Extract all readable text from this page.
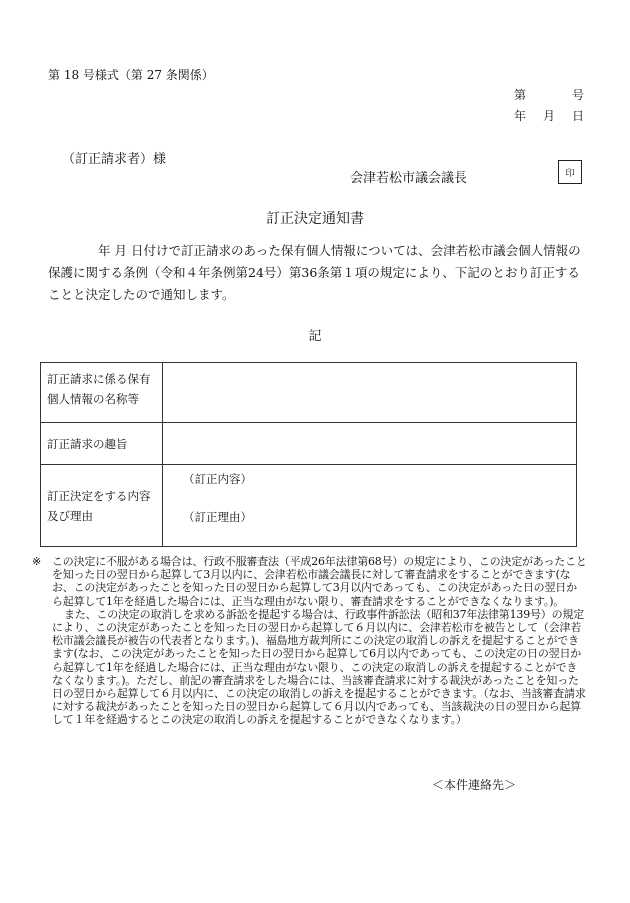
第 18 号様式（第 27 条関係）
第	号
年 月 日
（訂正請求者）様
会津若松市議会議長	印
訂正決定通知書
年 月 日付けで訂正請求のあった保有個人情報については、会津若松市議会個人情報の保護に関する条例（令和４年条例第24号）第36条第１項の規定により、下記のとおり訂正することと決定したので通知します。
記
訂正請求に係る保有個人情報の名称等	
訂正請求の趣旨	
訂正決定をする内容及び理由	（訂正内容）
（訂正理由）
※ この決定に不服がある場合は、行政不服審査法（平成26年法律第68号）の規定により、この決定があったことを知った日の翌日から起算して3月以内に、会津若松市議会議長に対して審査請求をすることができます(なお、この決定があったことを知った日の翌日から起算して3月以内であっても、この決定があった日の翌日から起算して1年を経過した場合には、正当な理由がない限り、審査請求をすることができなくなります。)。

また、この決定の取消しを求める訴訟を提起する場合は、行政事件訴訟法（昭和37年法律第139号）の規定により、この決定があったことを知った日の翌日から起算して６月以内に、会津若松市を被告として（会津若松市議会議長が被告の代表者となります。)、福島地方裁判所にこの決定の取消しの訴えを提起することができます(なお、この決定があったことを知った日の翌日から起算して6月以内であっても、この決定の日の翌日から起算して1年を経過した場合には、正当な理由がない限り、この決定の取消しの訴えを提起することができなくなります。)。ただし、前記の審査請求をした場合には、当該審査請求に対する裁決があったことを知った日の翌日から起算して６月以内に、この決定の取消しの訴えを提起することができます。（なお、当該審査請求に対する裁決があったことを知った日の翌日から起算して６月以内であっても、当該裁決の日の翌日から起算して１年を経過するとこの決定の取消しの訴えを提起することができなくなります。）

＜本件連絡先＞
